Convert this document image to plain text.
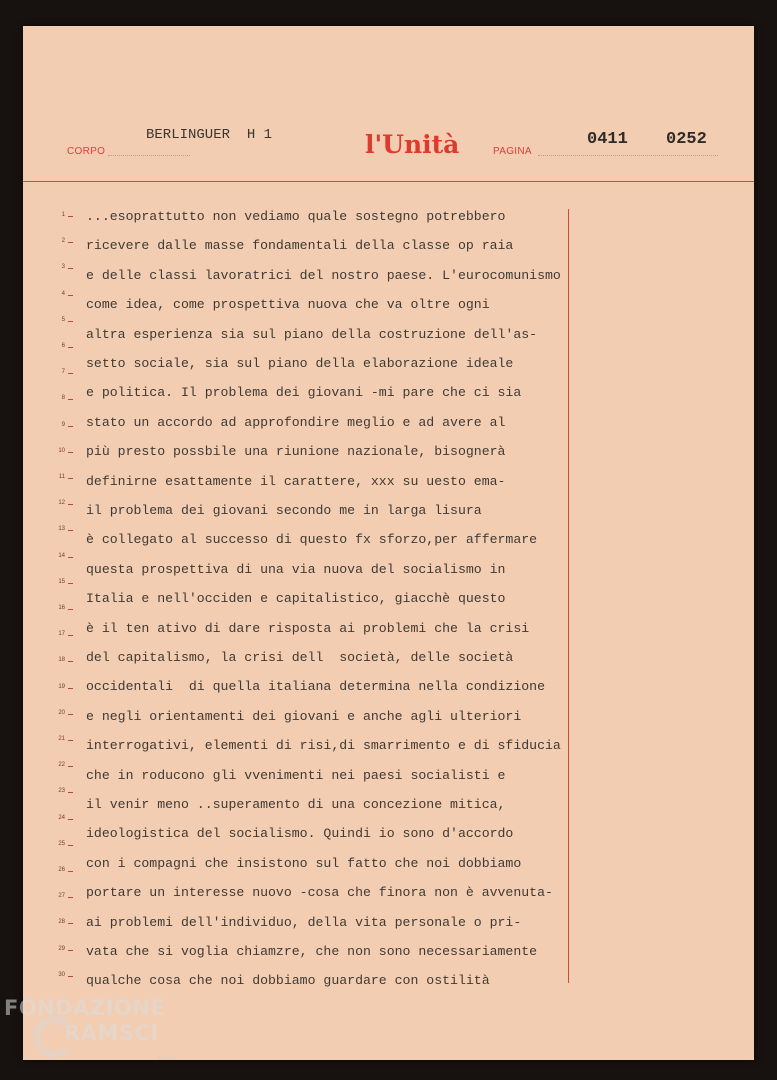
CORPO
BERLINGUER  H 1	l'Unità	PAGINA
0411 0252
1
2
3
4
5
6
7
8
9
10
11
12
13
14
15
16
17
18
19
20
21
22
23
24
25
26
27
28
29
30
...esoprattutto non vediamo quale sostegno potrebbero
ricevere dalle masse fondamentali della classe op raia
e delle classi lavoratrici del nostro paese. L'eurocomunismo
come idea, come prospettiva nuova che va oltre ogni
altra esperienza sia sul piano della costruzione dell'as-
setto sociale, sia sul piano della elaborazione ideale
e politica. Il problema dei giovani -mi pare che ci sia
stato un accordo ad approfondire meglio e ad avere al
più presto possbile una riunione nazionale, bisognerà
definirne esattamente il carattere, xxx su uesto ema-
il problema dei giovani secondo me in larga lisura
è collegato al successo di questo fx sforzo,per affermare
questa prospettiva di una via nuova del socialismo in
Italia e nell'occiden e capitalistico, giacchè questo
è il ten ativo di dare risposta ai problemi che la crisi
del capitalismo, la crisi dell  società, delle società
occidentali  di quella italiana determina nella condizione
e negli orientamenti dei giovani e anche agli ulteriori
interrogativi, elementi di risi,di smarrimento e di sfiducia
che in roducono gli vvenimenti nei paesi socialisti e
il venir meno ..superamento di una concezione mitica,
ideologistica del socialismo. Quindi io sono d'accordo
con i compagni che insistono sul fatto che noi dobbiamo
portare un interesse nuovo -cosa che finora non è avvenuta-
ai problemi dell'individuo, della vita personale o pri-
vata che si voglia chiamzre, che non sono necessariamente
qualche cosa che noi dobbiamo guardare con ostilità
FONDAZIONE
RAMSCI
onlus
